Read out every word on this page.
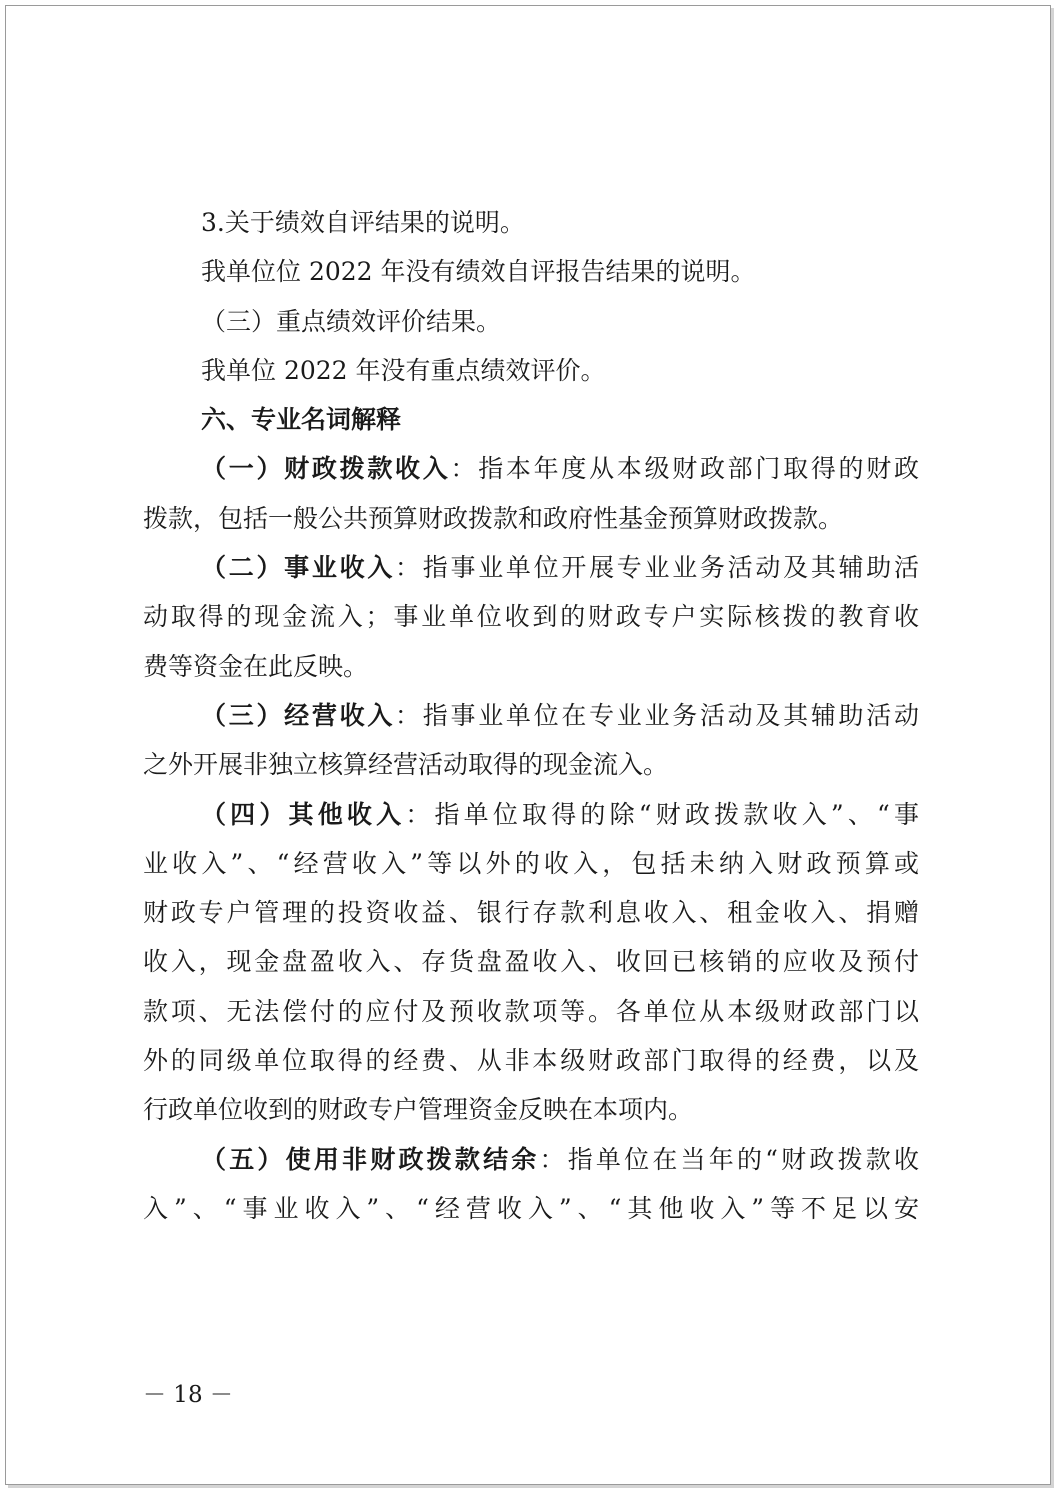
3.关于绩效自评结果的说明。
我单位位 2022 年没有绩效自评报告结果的说明。
（三）重点绩效评价结果。
我单位 2022 年没有重点绩效评价。
六、专业名词解释
（一）财政拨款收入：指本年度从本级财政部门取得的财政
拨款，包括一般公共预算财政拨款和政府性基金预算财政拨款。
（二）事业收入：指事业单位开展专业业务活动及其辅助活
动取得的现金流入；事业单位收到的财政专户实际核拨的教育收
费等资金在此反映。
（三）经营收入：指事业单位在专业业务活动及其辅助活动
之外开展非独立核算经营活动取得的现金流入。
（四）其他收入：指单位取得的除“财政拨款收入”、“事
业收入”、“经营收入”等以外的收入，包括未纳入财政预算或
财政专户管理的投资收益、银行存款利息收入、租金收入、捐赠
收入，现金盘盈收入、存货盘盈收入、收回已核销的应收及预付
款项、无法偿付的应付及预收款项等。各单位从本级财政部门以
外的同级单位取得的经费、从非本级财政部门取得的经费，以及
行政单位收到的财政专户管理资金反映在本项内。
（五）使用非财政拨款结余：指单位在当年的“财政拨款收
入”、“事业收入”、“经营收入”、“其他收入”等不足以安
－ 18 －
